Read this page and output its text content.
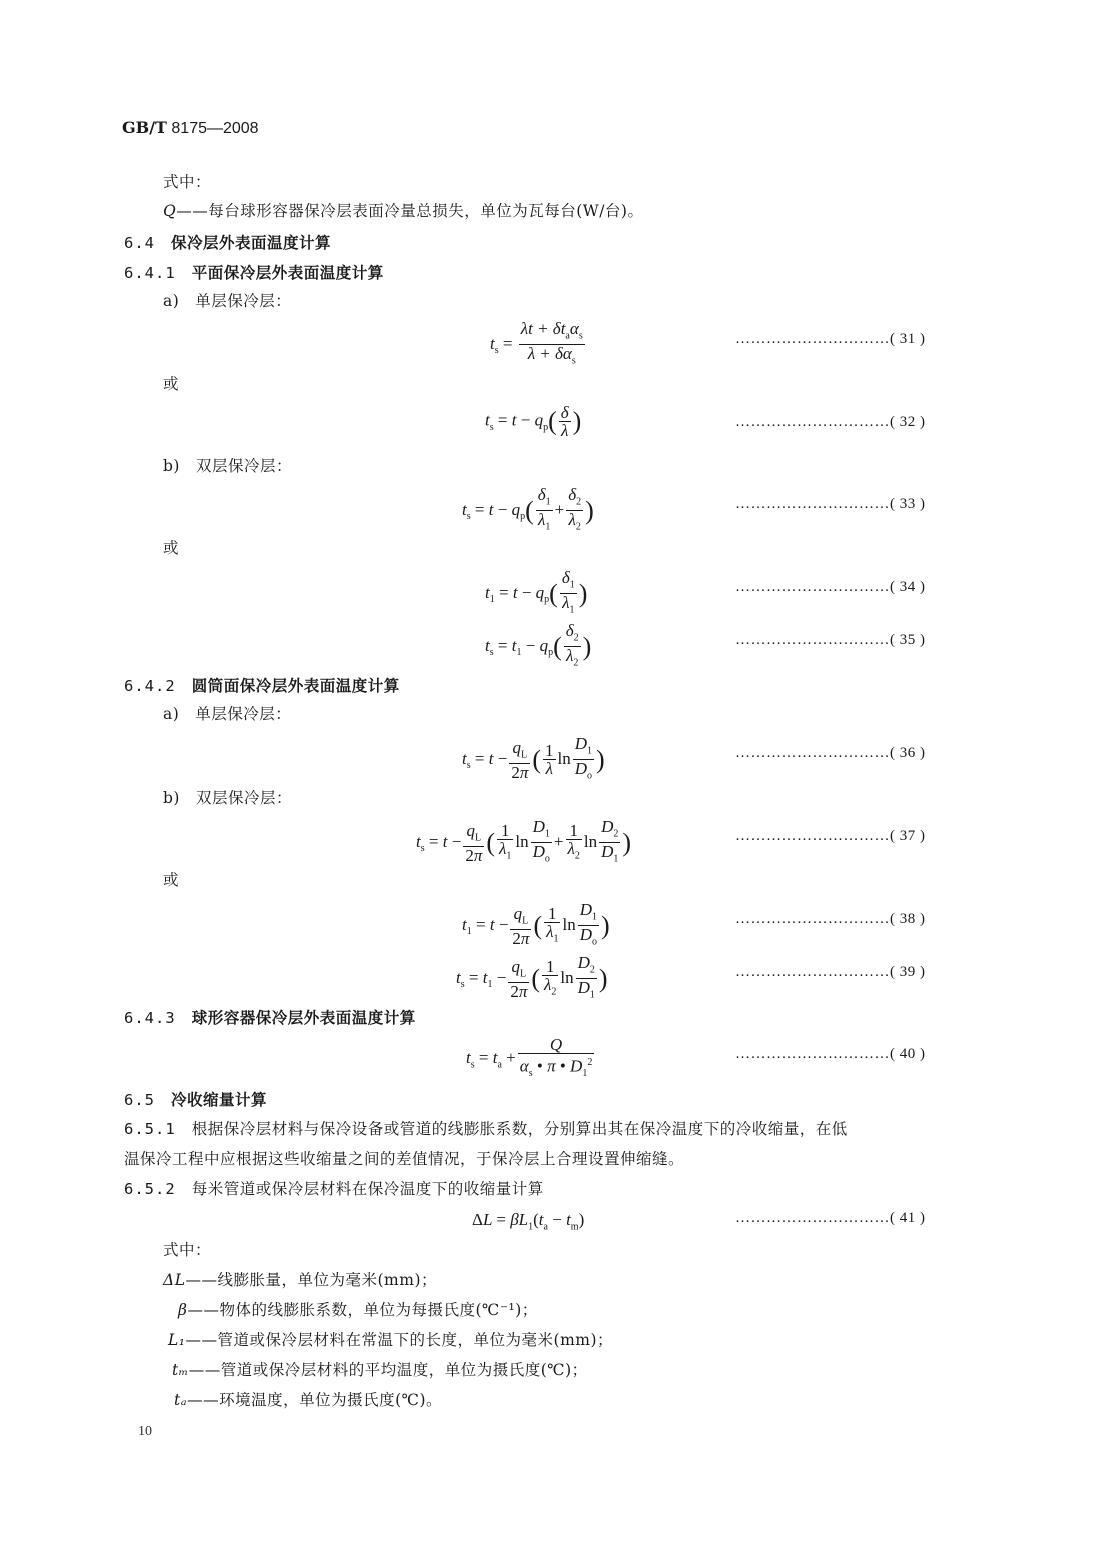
GB/T 8175—2008
式中：
Q——每台球形容器保冷层表面冷量总损失，单位为瓦每台(W/台)。
6.4　 保冷层外表面温度计算
6.4.1　 平面保冷层外表面温度计算
a)　单层保冷层：
$t_s = \frac{\lambda t + \delta t_a\alpha_s}{\lambda + \delta\alpha_s}$	…………………………( 31 )
或
$t_s = t - q_p( \frac{\delta}{\lambda}$ )	…………………………( 32 )
b)　双层保冷层：
$t_s = t - q_p( \frac{\delta_1}{\lambda_1} + \frac{\delta_2}{\lambda_2}$ )	…………………………( 33 )
或
$t_1 = t - q_p( \frac{\delta_1}{\lambda_1}$ )	…………………………( 34 )
$t_s = t_1 - q_p( \frac{\delta_2}{\lambda_2}$ )	…………………………( 35 )
6.4.2　 圆筒面保冷层外表面温度计算
a)　单层保冷层：
$t_s = t - \frac{q_L}{2\pi}$ ( $\frac{1}{\lambda}$ $\ln \frac{D_1}{D_o}$ )	…………………………( 36 )
b)　双层保冷层：
$t_s = t - \frac{q_L}{2\pi}$ ( $\frac{1}{\lambda_1}$ $\ln \frac{D_1}{D_o} + \frac{1}{\lambda_2}$ $\ln \frac{D_2}{D_1}$ )	…………………………( 37 )
或
$t_1 = t - \frac{q_L}{2\pi}$ ( $\frac{1}{\lambda_1}$ $\ln \frac{D_1}{D_o}$ )	…………………………( 38 )
$t_s = t_1 - \frac{q_L}{2\pi}$ ( $\frac{1}{\lambda_2}$ $\ln \frac{D_2}{D_1}$ )	…………………………( 39 )
6.4.3　 球形容器保冷层外表面温度计算
$t_s = t_a + \frac{Q}{\alpha_s • \pi • D_1^2}$	…………………………( 40 )
6.5　 冷收缩量计算
6.5.1　 根据保冷层材料与保冷设备或管道的线膨胀系数，分别算出其在保冷温度下的冷收缩量，在低
温保冷工程中应根据这些收缩量之间的差值情况，于保冷层上合理设置伸缩缝。
6.5.2　 每米管道或保冷层材料在保冷温度下的收缩量计算
$\Delta L = \beta L_1(t_a - t_m)$	…………………………( 41 )
式中：
ΔL——线膨胀量，单位为毫米(mm)；
β——物体的线膨胀系数，单位为每摄氏度(℃⁻¹)；
L₁——管道或保冷层材料在常温下的长度，单位为毫米(mm)；
tₘ——管道或保冷层材料的平均温度，单位为摄氏度(℃)；
tₐ——环境温度，单位为摄氏度(℃)。
10
